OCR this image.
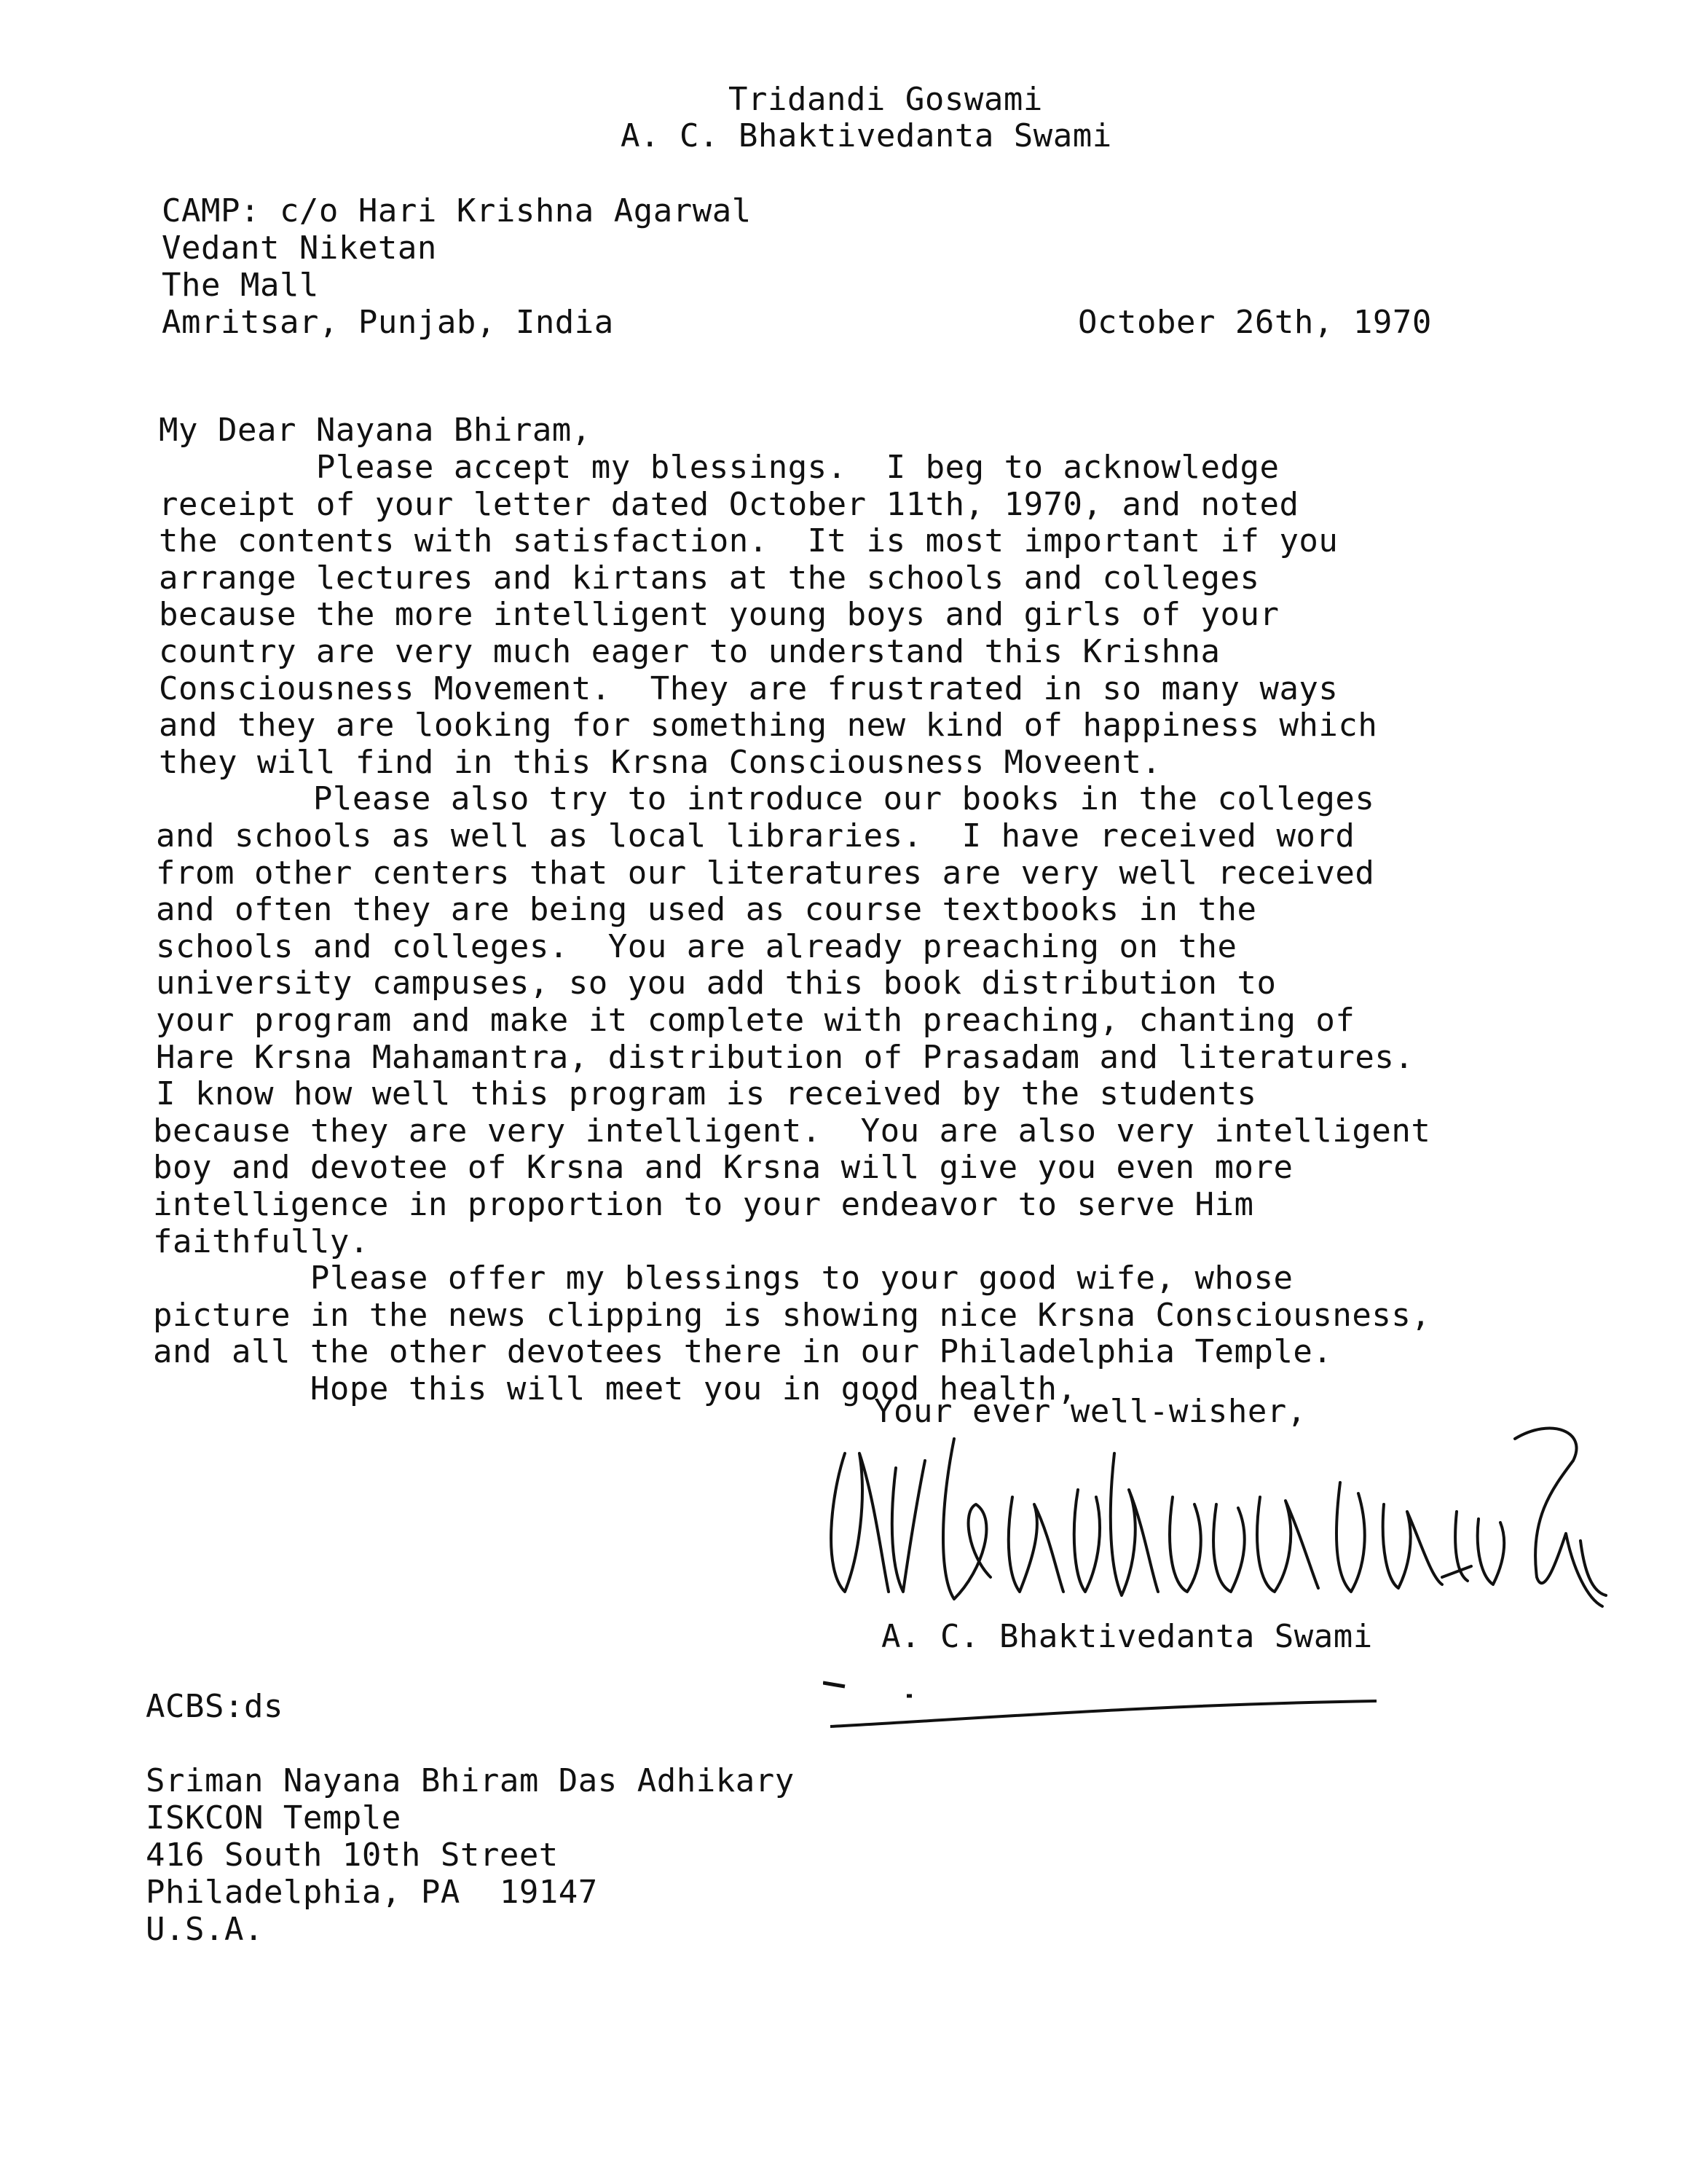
Tridandi Goswami
A. C. Bhaktivedanta Swami
CAMP: c/o Hari Krishna Agarwal
Vedant Niketan
The Mall
Amritsar, Punjab, India	October 26th, 1970
My Dear Nayana Bhiram,
Please accept my blessings.  I beg to acknowledge
receipt of your letter dated October 11th, 1970, and noted
the contents with satisfaction.  It is most important if you
arrange lectures and kirtans at the schools and colleges
because the more intelligent young boys and girls of your
country are very much eager to understand this Krishna
Consciousness Movement.  They are frustrated in so many ways
and they are looking for something new kind of happiness which
they will find in this Krsna Consciousness Moveent.
Please also try to introduce our books in the colleges
and schools as well as local libraries.  I have received word
from other centers that our literatures are very well received
and often they are being used as course textbooks in the
schools and colleges.  You are already preaching on the
university campuses, so you add this book distribution to
your program and make it complete with preaching, chanting of
Hare Krsna Mahamantra, distribution of Prasadam and literatures.
I know how well this program is received by the students
because they are very intelligent.  You are also very intelligent
boy and devotee of Krsna and Krsna will give you even more
intelligence in proportion to your endeavor to serve Him
faithfully.
Please offer my blessings to your good wife, whose
picture in the news clipping is showing nice Krsna Consciousness,
and all the other devotees there in our Philadelphia Temple.
Hope this will meet you in good health,
Your ever well-wisher,
A. C. Bhaktivedanta Swami
ACBS:ds
Sriman Nayana Bhiram Das Adhikary
ISKCON Temple
416 South 10th Street
Philadelphia, PA  19147
U.S.A.
